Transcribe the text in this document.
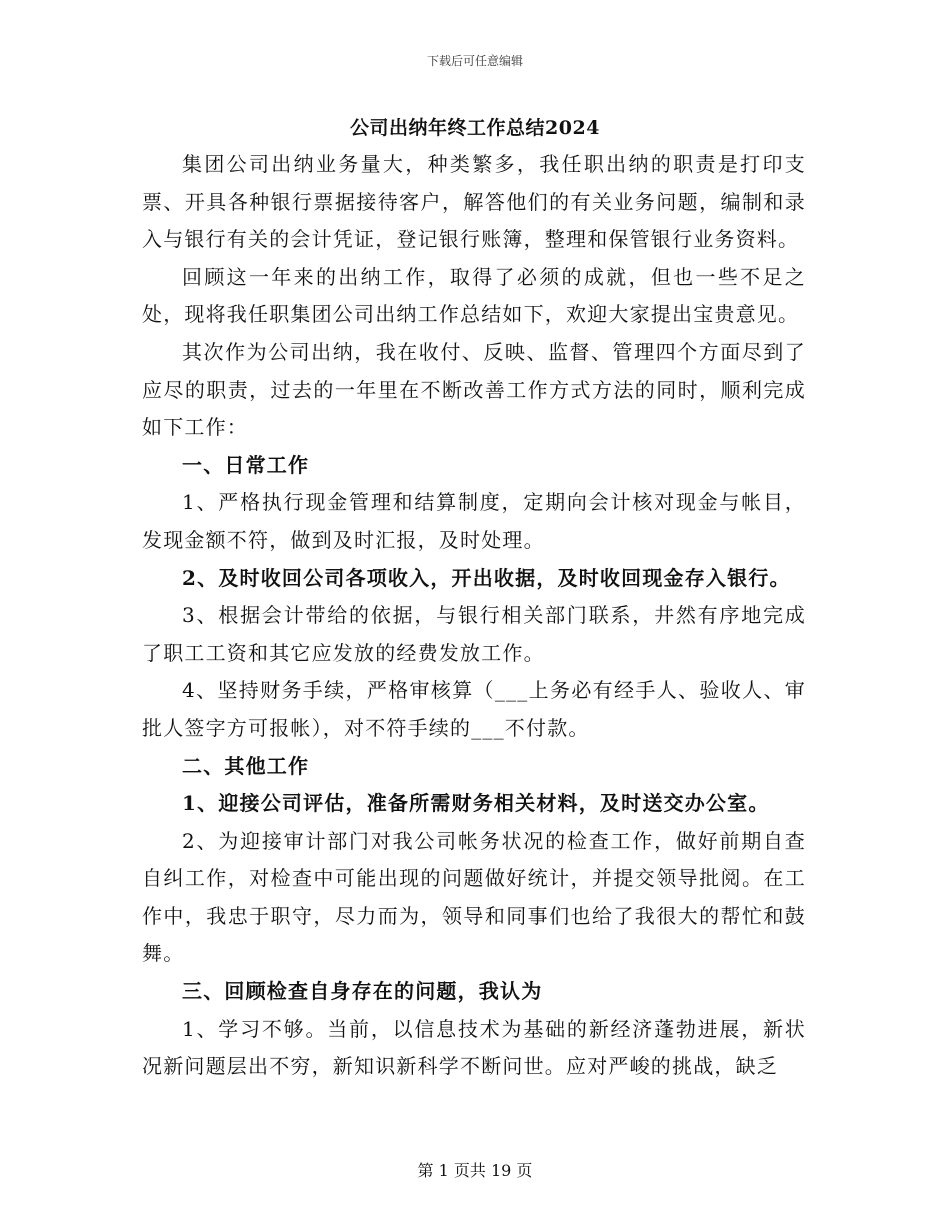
下载后可任意编辑
公司出纳年终工作总结2024

集团公司出纳业务量大，种类繁多，我任职出纳的职责是打印支票、开具各种银行票据接待客户，解答他们的有关业务问题，编制和录入与银行有关的会计凭证，登记银行账簿，整理和保管银行业务资料。

回顾这一年来的出纳工作，取得了必须的成就，但也一些不足之处，现将我任职集团公司出纳工作总结如下，欢迎大家提出宝贵意见。

其次作为公司出纳，我在收付、反映、监督、管理四个方面尽到了应尽的职责，过去的一年里在不断改善工作方式方法的同时，顺利完成如下工作：

一、日常工作

1、严格执行现金管理和结算制度，定期向会计核对现金与帐目，发现金额不符，做到及时汇报，及时处理。

2、及时收回公司各项收入，开出收据，及时收回现金存入银行。

3、根据会计带给的依据，与银行相关部门联系，井然有序地完成了职工工资和其它应发放的经费发放工作。

4、坚持财务手续，严格审核算（___上务必有经手人、验收人、审批人签字方可报帐），对不符手续的___不付款。

二、其他工作

1、迎接公司评估，准备所需财务相关材料，及时送交办公室。

2、为迎接审计部门对我公司帐务状况的检查工作，做好前期自查自纠工作，对检查中可能出现的问题做好统计，并提交领导批阅。在工作中，我忠于职守，尽力而为，领导和同事们也给了我很大的帮忙和鼓舞。

三、回顾检查自身存在的问题，我认为

1、学习不够。当前，以信息技术为基础的新经济蓬勃进展，新状况新问题层出不穷，新知识新科学不断问世。应对严峻的挑战，缺乏

第 1 页共 19 页
